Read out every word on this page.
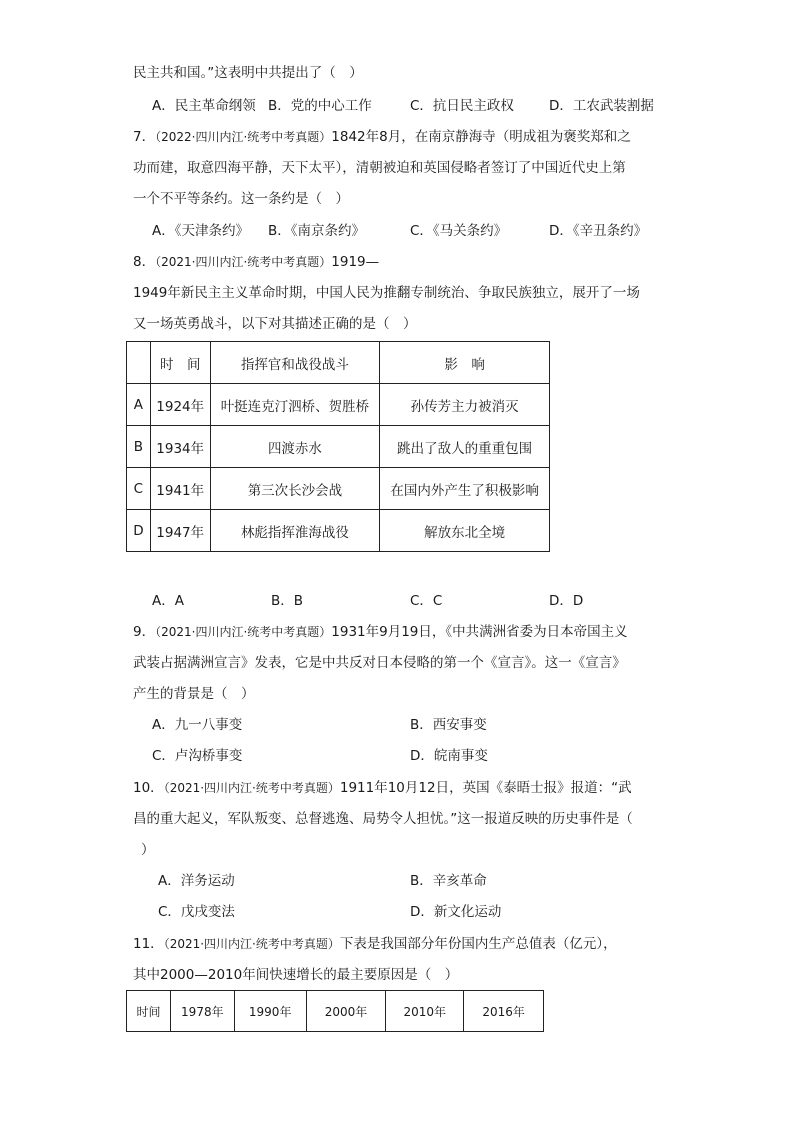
民主共和国。”这表明中共提出了（　）
A．民主革命纲领 B．党的中心工作	C．抗日民主政权	D．工农武装割据
7．（2022·四川内江·统考中考真题）1842年8月，在南京静海寺（明成祖为褒奖郑和之
功而建，取意四海平静，天下太平），清朝被迫和英国侵略者签订了中国近代史上第
一个不平等条约。这一条约是（　）
A．《天津条约》 B．《南京条约》	C．《马关条约》	D．《辛丑条约》
8．（2021·四川内江·统考中考真题）1919—
1949年新民主主义革命时期，中国人民为推翻专制统治、争取民族独立，展开了一场
又一场英勇战斗，以下对其描述正确的是（　）
	时　间	指挥官和战役战斗	影　响
A	1924年	叶挺连克汀泗桥、贺胜桥	孙传芳主力被消灭
B	1934年	四渡赤水	跳出了敌人的重重包围
C	1941年	第三次长沙会战	在国内外产生了积极影响
D	1947年	林彪指挥淮海战役	解放东北全境
A．A	B．B	C．C	D．D
9．（2021·四川内江·统考中考真题）1931年9月19日，《中共满洲省委为日本帝国主义
武装占据满洲宣言》发表，它是中共反对日本侵略的第一个《宣言》。这一《宣言》
产生的背景是（　）
A．九一八事变	B．西安事变
C．卢沟桥事变	D．皖南事变
10．（2021·四川内江·统考中考真题）1911年10月12日，英国《泰晤士报》报道：“武
昌的重大起义，军队叛变、总督逃逸、局势令人担忧。”这一报道反映的历史事件是（
）
A．洋务运动	B．辛亥革命
C．戊戌变法	D．新文化运动
11．（2021·四川内江·统考中考真题）下表是我国部分年份国内生产总值表（亿元），
其中2000—2010年间快速增长的最主要原因是（　）
时间	1978年	1990年	2000年	2010年	2016年
